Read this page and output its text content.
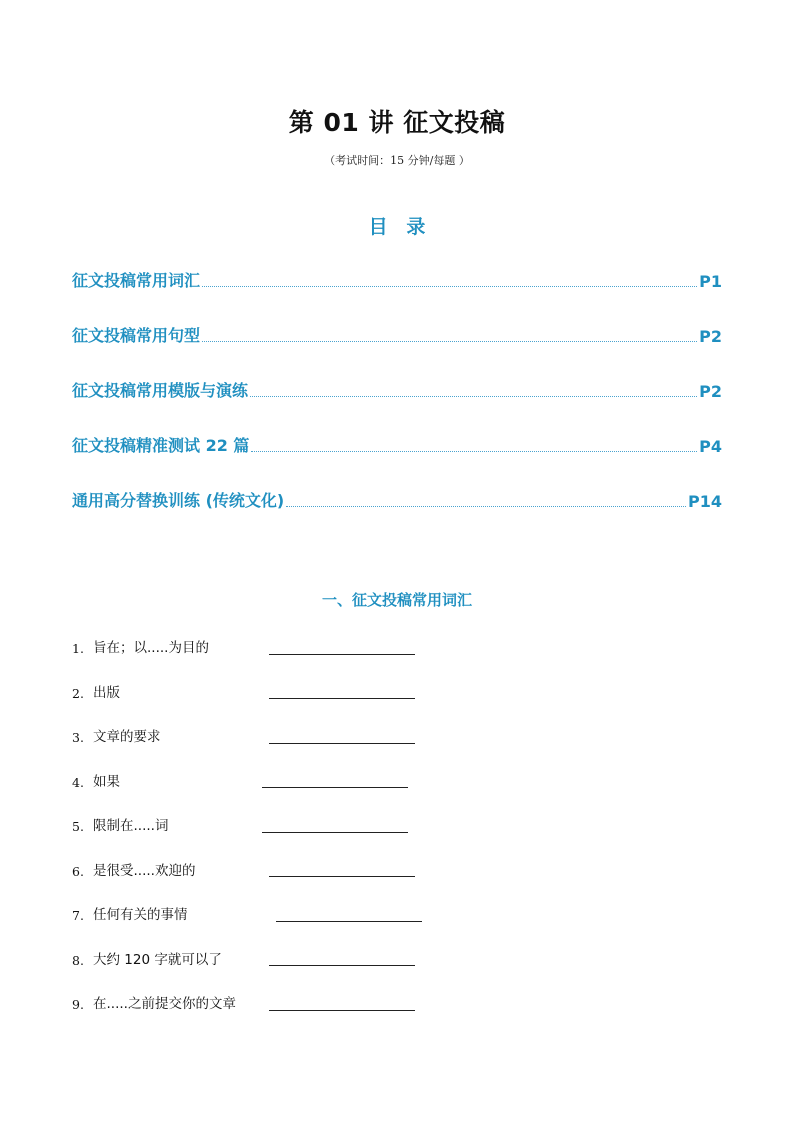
第 01 讲 征文投稿
（考试时间：15 分钟/每题 ）
目 录
征文投稿常用词汇	P1
征文投稿常用句型	P2
征文投稿常用模版与演练	P2
征文投稿精准测试 22 篇	P4
通用高分替换训练 (传统文化)	P14
一、征文投稿常用词汇
1. 旨在；以.....为目的
2. 出版
3. 文章的要求
4. 如果
5. 限制在.....词
6. 是很受.....欢迎的
7. 任何有关的事情
8. 大约 120 字就可以了
9. 在.....之前提交你的文章
